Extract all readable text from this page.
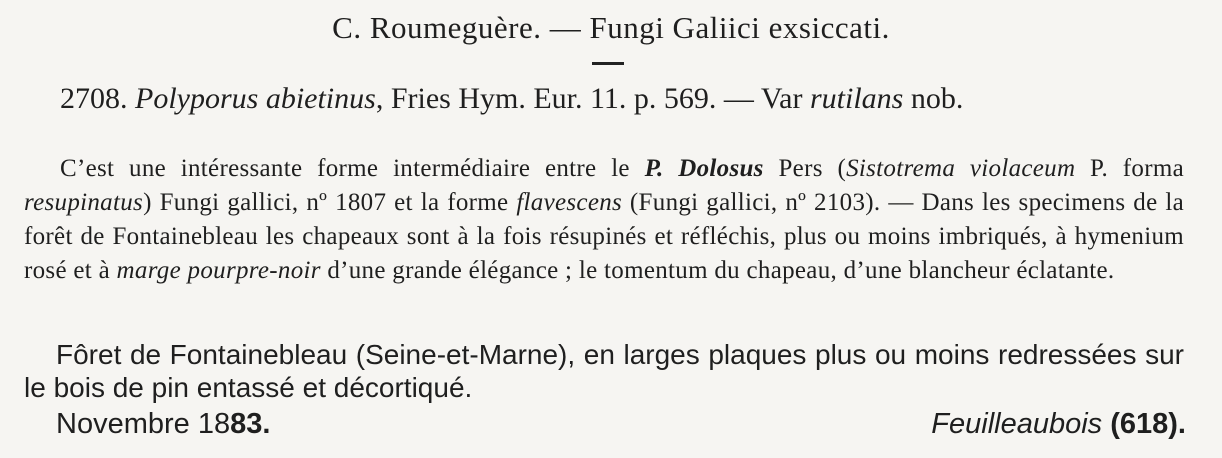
C. Roumeguère. — Fungi Galiici exsiccati.

2708. Polyporus abietinus, Fries Hym. Eur. 11. p. 569. — Var rutilans nob.

C’est une intéressante forme intermédiaire entre le P. Dolosus Pers (Sistotrema violaceum P. forma resupinatus) Fungi gallici, nº 1807 et la forme flavescens (Fungi gallici, nº 2103). — Dans les specimens de la forêt de Fontainebleau les chapeaux sont à la fois résupinés et réfléchis, plus ou moins imbriqués, à hymenium rosé et à marge pourpre-noir d’une grande élégance ; le tomentum du chapeau, d’une blancheur éclatante.

Fôret de Fontainebleau (Seine-et-Marne), en larges plaques plus ou moins redressées sur le bois de pin entassé et décortiqué.

Novembre 1883.	Feuilleaubois (618).
